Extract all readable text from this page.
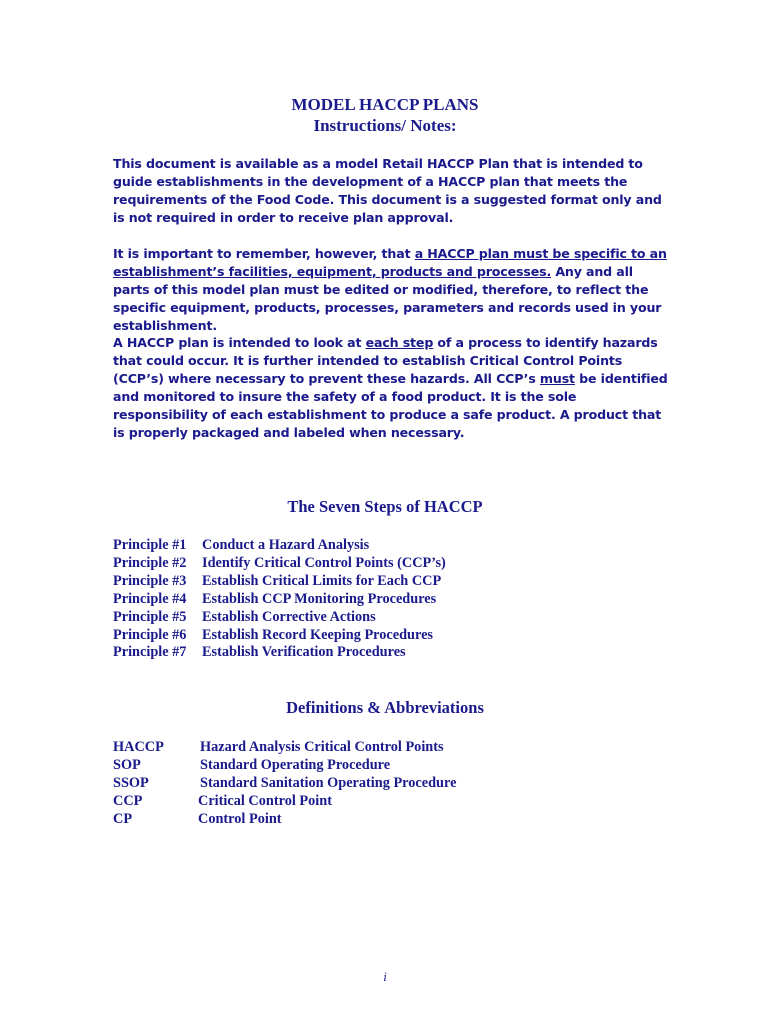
MODEL HACCP PLANS
Instructions/ Notes:

This document is available as a model Retail HACCP Plan that is intended to guide establishments in the development of a HACCP plan that meets the requirements of the Food Code. This document is a suggested format only and is not required in order to receive plan approval.

It is important to remember, however, that a HACCP plan must be specific to an establishment’s facilities, equipment, products and processes. Any and all parts of this model plan must be edited or modified, therefore, to reflect the specific equipment, products, processes, parameters and records used in your establishment.

A HACCP plan is intended to look at each step of a process to identify hazards that could occur. It is further intended to establish Critical Control Points (CCP’s) where necessary to prevent these hazards. All CCP’s must be identified and monitored to insure the safety of a food product. It is the sole responsibility of each establishment to produce a safe product. A product that is properly packaged and labeled when necessary.

The Seven Steps of HACCP
Principle #1	Conduct a Hazard Analysis
Principle #2	Identify Critical Control Points (CCP’s)
Principle #3	Establish Critical Limits for Each CCP
Principle #4	Establish CCP Monitoring Procedures
Principle #5	Establish Corrective Actions
Principle #6	Establish Record Keeping Procedures
Principle #7	Establish Verification Procedures
Definitions & Abbreviations
HACCP	Hazard Analysis Critical Control Points
SOP	Standard Operating Procedure
SSOP	Standard Sanitation Operating Procedure
CCP	Critical Control Point
CP	Control Point
i
